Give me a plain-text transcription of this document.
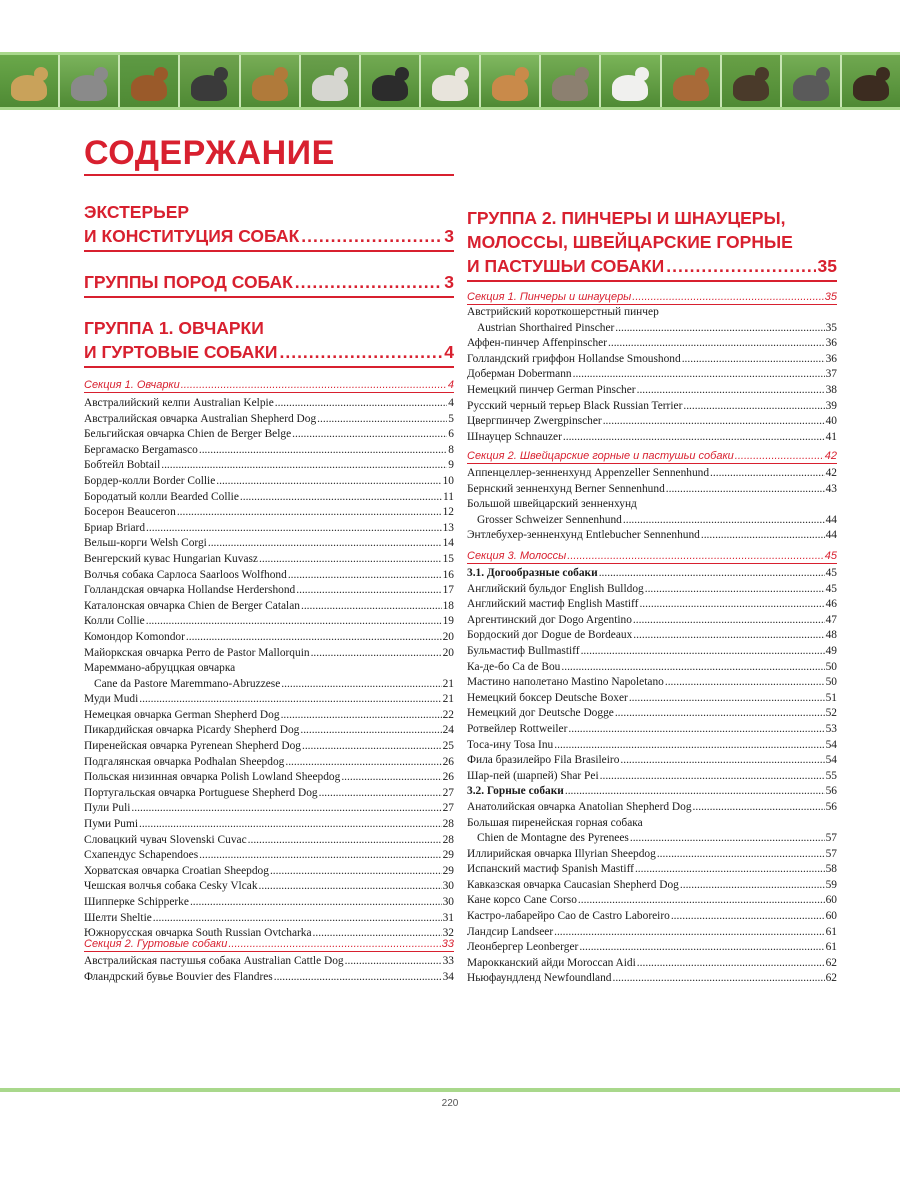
СОДЕРЖАНИЕ
ЭКСТЕРЬЕР
И КОНСТИТУЦИЯ СОБАК .....	3
ГРУППЫ ПОРОД СОБАК .....	3
ГРУППА 1. ОВЧАРКИ
И ГУРТОВЫЕ СОБАКИ .....	4
Секция 1. Овчарки .....	4
Австралийский келпи Australian Kelpie .....	4
Австралийская овчарка Australian Shepherd Dog .....	5
Бельгийская овчарка Chien de Berger Belge .....	6
Бергамаско Bergamasco .....	8
Бобтейл Bobtail .....	9
Бордер-колли Border Collie .....	10
Бородатый колли Bearded Collie .....	11
Босерон Beauceron .....	12
Бриар Briard .....	13
Вельш-корги Welsh Corgi .....	14
Венгерский кувас Hungarian Kuvasz .....	15
Волчья собака Сарлоса Saarloos Wolfhond .....	16
Голландская овчарка Hollandse Herdershond .....	17
Каталонская овчарка Chien de Berger Catalan .....	18
Колли Collie .....	19
Комондор Komondor .....	20
Майоркская овчарка Perro de Pastor Mallorquin .....	20
Мареммано-абруццкая овчарка
Cane da Pastore Maremmano-Abruzzese .....	21
Муди Mudi .....	21
Немецкая овчарка German Shepherd Dog .....	22
Пикардийская овчарка Picardy Shepherd Dog .....	24
Пиренейская овчарка Pyrenean Shepherd Dog .....	25
Подгалянская овчарка Podhalan Sheepdog .....	26
Польская низинная овчарка Polish Lowland Sheepdog .....	26
Португальская овчарка Portuguese Shepherd Dog .....	27
Пули Puli .....	27
Пуми Pumi .....	28
Словацкий чувач Slovenski Cuvac .....	28
Схапендус Schapendoes .....	29
Хорватская овчарка Croatian Sheepdog .....	29
Чешская волчья собака Cesky Vlcak .....	30
Шипперке Schipperke .....	30
Шелти Sheltie .....	31
Южнорусская овчарка South Russian Ovtcharka .....	32
Секция 2. Гуртовые собаки .....	33
Австралийская пастушья собака Australian Cattle Dog .....	33
Фландрский бувье Bouvier des Flandres .....	34
ГРУППА 2. ПИНЧЕРЫ И ШНАУЦЕРЫ,
МОЛОССЫ, ШВЕЙЦАРСКИЕ ГОРНЫЕ
И ПАСТУШЬИ СОБАКИ .....	35
Секция 1. Пинчеры и шнауцеры .....	35
Австрийский короткошерстный пинчер
Austrian Shorthaired Pinscher .....	35
Аффен-пинчер Affenpinscher .....	36
Голландский гриффон Hollandse Smoushond .....	36
Доберман Dobermann .....	37
Немецкий пинчер German Pinscher .....	38
Русский черный терьер Black Russian Terrier .....	39
Цвергпинчер Zwergpinscher .....	40
Шнауцер Schnauzer .....	41
Секция 2. Швейцарские горные и пастушьи собаки .....	42
Аппенцеллер-зенненхунд Appenzeller Sennenhund .....	42
Бернский зенненхунд Berner Sennenhund .....	43
Большой швейцарский зенненхунд
Grosser Schweizer Sennenhund .....	44
Энтлебухер-зенненхунд Entlebucher Sennenhund .....	44
Секция 3. Молоссы .....	45
3.1. Догообразные собаки .....	45
Английский бульдог English Bulldog .....	45
Английский мастиф English Mastiff .....	46
Аргентинский дог Dogo Argentino .....	47
Бордоский дог Dogue de Bordeaux .....	48
Бульмастиф Bullmastiff .....	49
Ка-де-бо Ca de Bou .....	50
Мастино наполетано Mastino Napoletano .....	50
Немецкий боксер Deutsche Boxer .....	51
Немецкий дог Deutsche Dogge .....	52
Ротвейлер Rottweiler .....	53
Тоса-ину Tosa Inu .....	54
Фила бразилейро Fila Brasileiro .....	54
Шар-пей (шарпей) Shar Pei .....	55
3.2. Горные собаки .....	56
Анатолийская овчарка Anatolian Shepherd Dog .....	56
Большая пиренейская горная собака
Chien de Montagne des Pyrenees .....	57
Иллирийская овчарка Illyrian Sheepdog .....	57
Испанский мастиф Spanish Mastiff .....	58
Кавказская овчарка Caucasian Shepherd Dog .....	59
Кане корсо Cane Corso .....	60
Кастро-лабарейро Cao de Castro Laboreiro .....	60
Ландсир Landseer .....	61
Леонбергер Leonberger .....	61
Марокканский айди Moroccan Aidi .....	62
Ньюфаундленд Newfoundland .....	62
220
